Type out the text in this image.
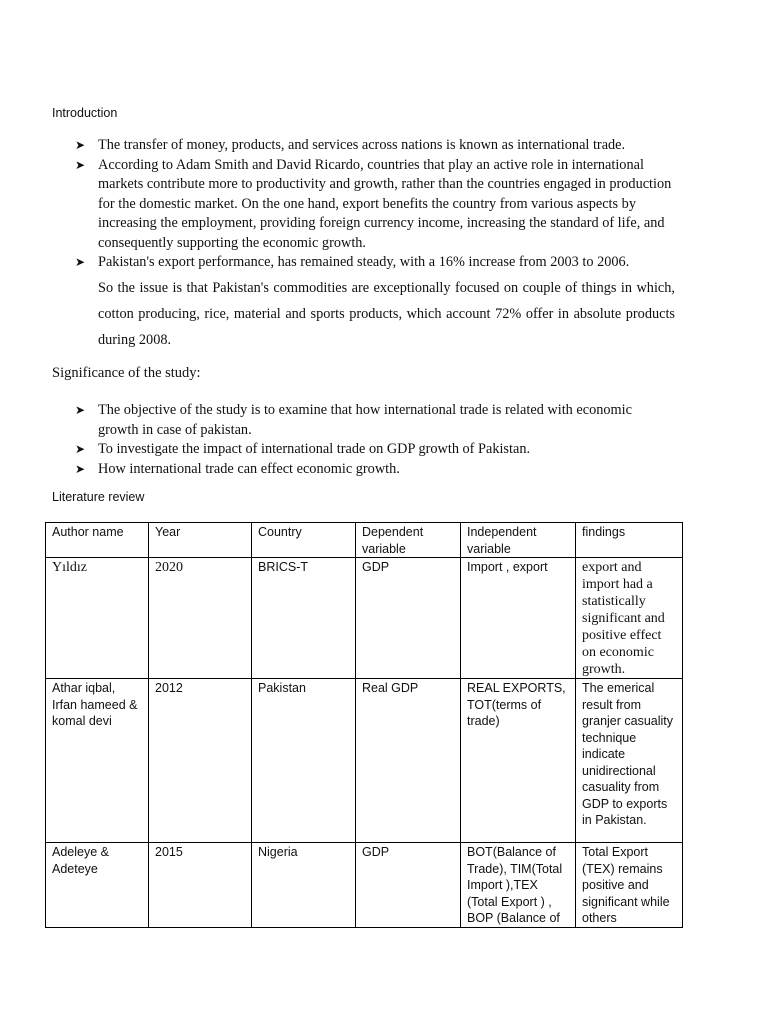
Introduction
➤ The transfer of money, products, and services across nations is known as international trade.
➤ According to Adam Smith and David Ricardo, countries that play an active role in international markets contribute more to productivity and growth, rather than the countries engaged in production for the domestic market. On the one hand, export benefits the country from various aspects by increasing the employment, providing foreign currency income, increasing the standard of life, and consequently supporting the economic growth.
➤ Pakistan's export performance, has remained steady, with a 16% increase from 2003 to 2006.
So the issue is that Pakistan's commodities are exceptionally focused on couple of things in which, cotton producing, rice, material and sports products, which account 72% offer in absolute products during 2008.
Significance of the study:
➤ The objective of the study is to examine that how international trade is related with economic growth in case of pakistan.
➤ To investigate the impact of international trade on GDP growth of Pakistan.
➤ How international trade can effect economic growth.
Literature review
Author name	Year	Country	Dependent variable	Independent variable	findings
Yıldız	2020	BRICS-T	GDP	Import , export	export and import had a statistically significant and positive effect on economic growth.
Athar iqbal, Irfan hameed & komal devi	2012	Pakistan	Real GDP	REAL EXPORTS, TOT(terms of trade)	The emerical result from granjer casuality technique indicate unidirectional casuality from GDP to exports in Pakistan.
Adeleye & Adeteye	2015	Nigeria	GDP	BOT(Balance of Trade), TIM(Total Import ),TEX (Total Export ) , BOP (Balance of	Total Export (TEX) remains positive and significant while others
